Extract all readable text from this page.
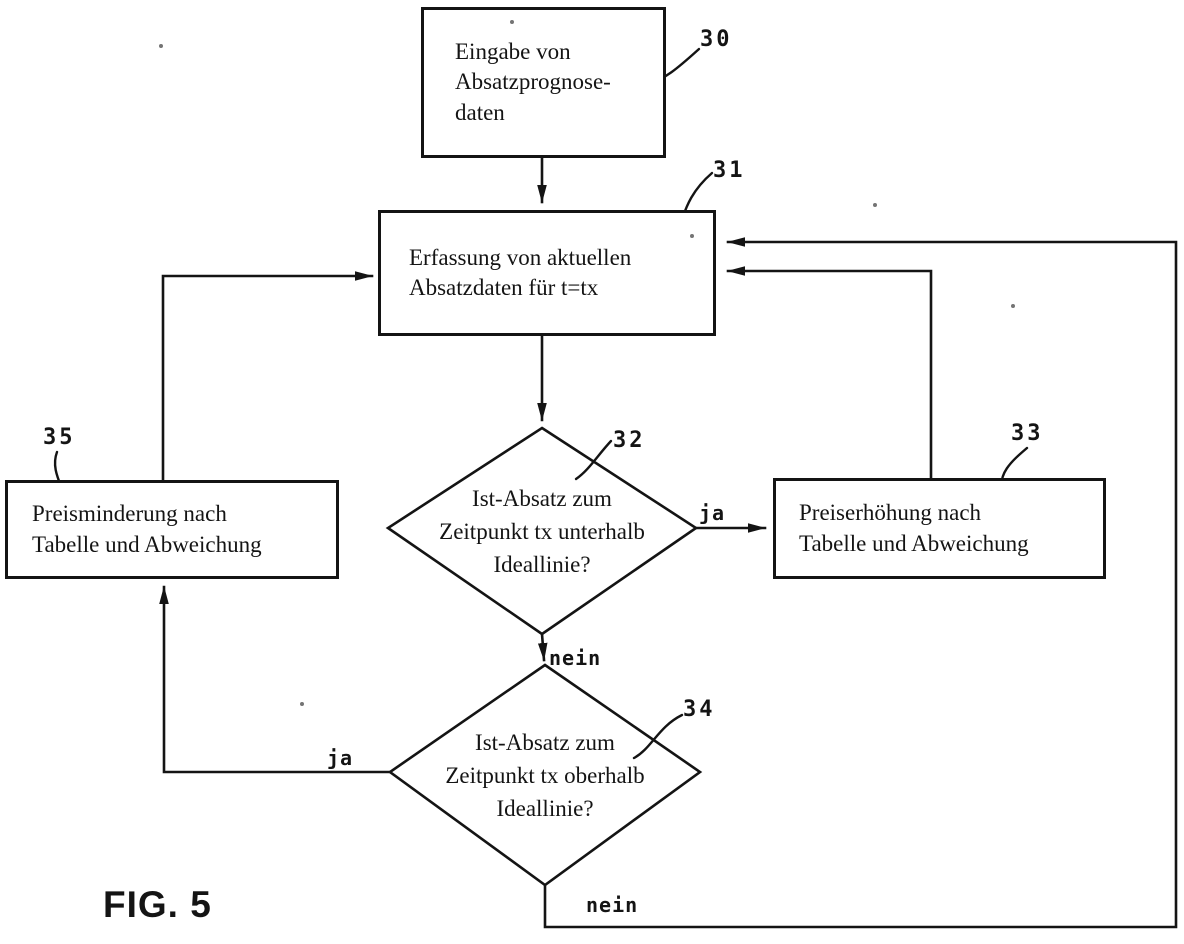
Eingabe von
Absatzprognose-
daten
Erfassung von aktuellen
Absatzdaten für t=tx
Preiserhöhung nach
Tabelle und Abweichung
Preisminderung nach
Tabelle und Abweichung
Ist-Absatz zum
Zeitpunkt tx unterhalb
Ideallinie?
Ist-Absatz zum
Zeitpunkt tx oberhalb
Ideallinie?
30
31
32	33
34
35
ja
nein
ja
nein
FIG. 5
